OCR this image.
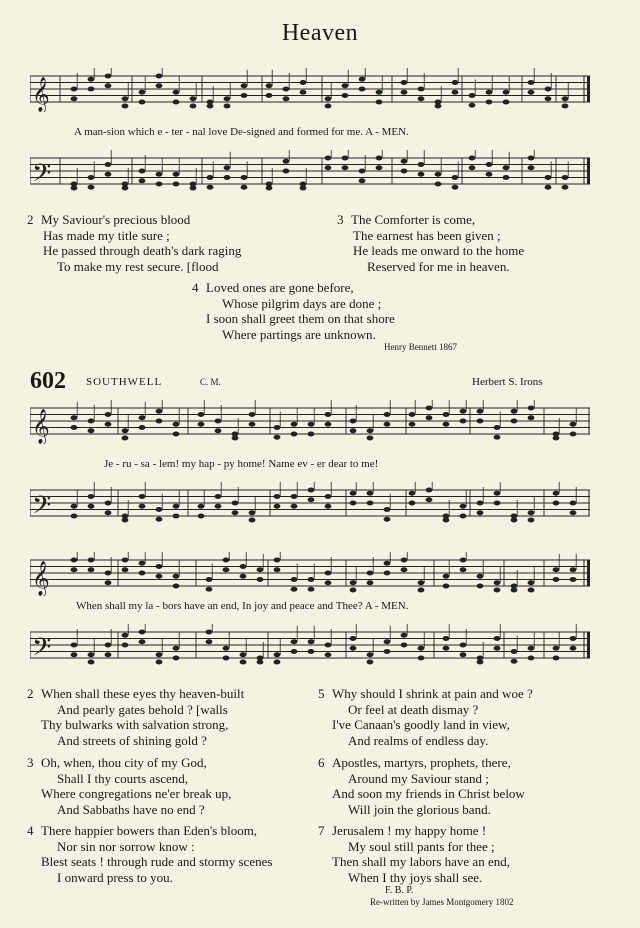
Heaven
𝄞
A man-sion which e - ter - nal love De-signed and formed for me. A - MEN.
𝄢
2 My Saviour's precious blood
Has made my title sure ;
He passed through death's dark raging
To make my rest secure. [flood
3 The Comforter is come,
The earnest has been given ;
He leads me onward to the home
Reserved for me in heaven.
4 Loved ones are gone before,
Whose pilgrim days are done ;
I soon shall greet them on that shore
Where partings are unknown.
Henry Bennett 1867
602 SOUTHWELL	C. M.	Herbert S. Irons
𝄞
Je - ru - sa - lem! my hap - py home! Name ev - er dear to me!
𝄢
𝄞
When shall my la - bors have an end, In joy and peace and Thee? A - MEN.
𝄢
2 When shall these eyes thy heaven-built
And pearly gates behold ? [walls
Thy bulwarks with salvation strong,
And streets of shining gold ?
3 Oh, when, thou city of my God,
Shall I thy courts ascend,
Where congregations ne'er break up,
And Sabbaths have no end ?
4 There happier bowers than Eden's bloom,
Nor sin nor sorrow know :
Blest seats ! through rude and stormy scenes
I onward press to you.
5 Why should I shrink at pain and woe ?
Or feel at death dismay ?
I've Canaan's goodly land in view,
And realms of endless day.
6 Apostles, martyrs, prophets, there,
Around my Saviour stand ;
And soon my friends in Christ below
Will join the glorious band.
7 Jerusalem ! my happy home !
My soul still pants for thee ;
Then shall my labors have an end,
When I thy joys shall see.
F. B. P.
Re-written by James Montgomery 1802
